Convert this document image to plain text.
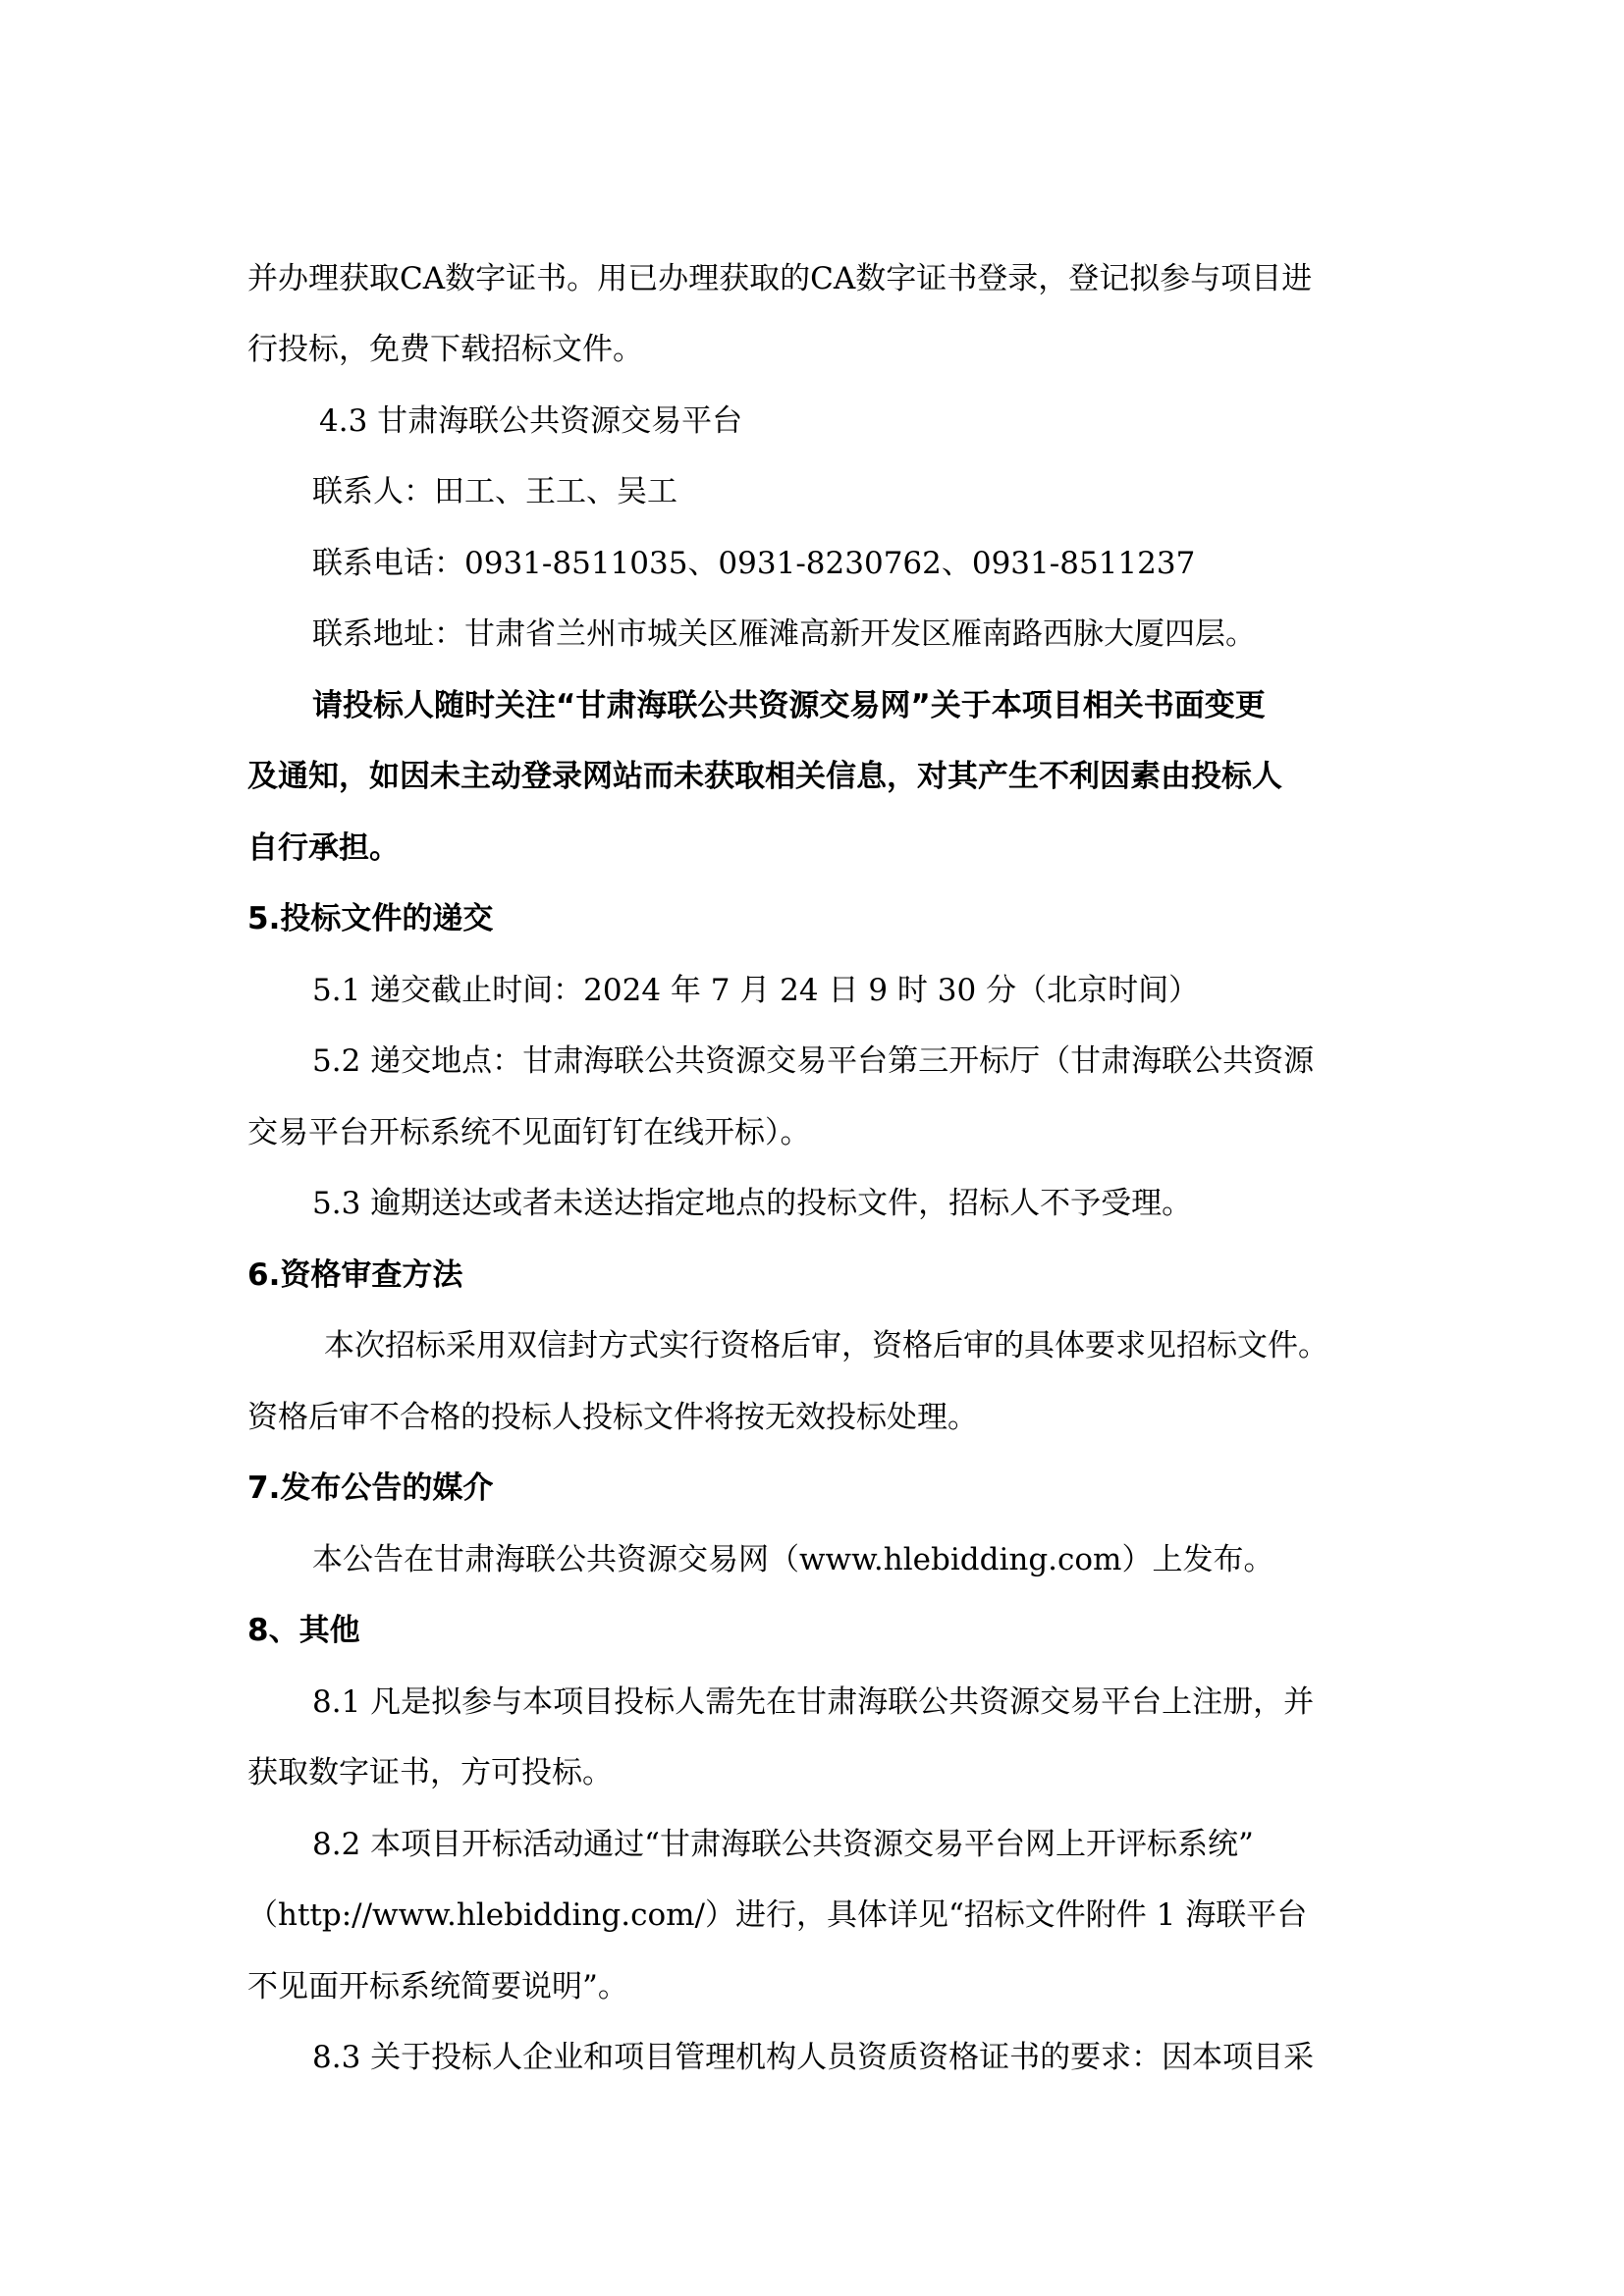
并办理获取CA数字证书。用已办理获取的CA数字证书登录，登记拟参与项目进
行投标，免费下载招标文件。
4.3 甘肃海联公共资源交易平台
联系人：田工、王工、吴工
联系电话：0931-8511035、0931-8230762、0931-8511237
联系地址：甘肃省兰州市城关区雁滩高新开发区雁南路西脉大厦四层。
请投标人随时关注“甘肃海联公共资源交易网”关于本项目相关书面变更
及通知，如因未主动登录网站而未获取相关信息，对其产生不利因素由投标人
自行承担。
5.投标文件的递交
5.1 递交截止时间：2024 年 7 月 24 日 9 时 30 分（北京时间）
5.2 递交地点：甘肃海联公共资源交易平台第三开标厅（甘肃海联公共资源
交易平台开标系统不见面钉钉在线开标）。
5.3 逾期送达或者未送达指定地点的投标文件，招标人不予受理。
6.资格审查方法
本次招标采用双信封方式实行资格后审，资格后审的具体要求见招标文件。
资格后审不合格的投标人投标文件将按无效投标处理。
7.发布公告的媒介
本公告在甘肃海联公共资源交易网（www.hlebidding.com）上发布。
8、其他
8.1 凡是拟参与本项目投标人需先在甘肃海联公共资源交易平台上注册，并
获取数字证书，方可投标。
8.2 本项目开标活动通过“甘肃海联公共资源交易平台网上开评标系统”
（http://www.hlebidding.com/）进行，具体详见“招标文件附件 1 海联平台
不见面开标系统简要说明”。
8.3 关于投标人企业和项目管理机构人员资质资格证书的要求：因本项目采
